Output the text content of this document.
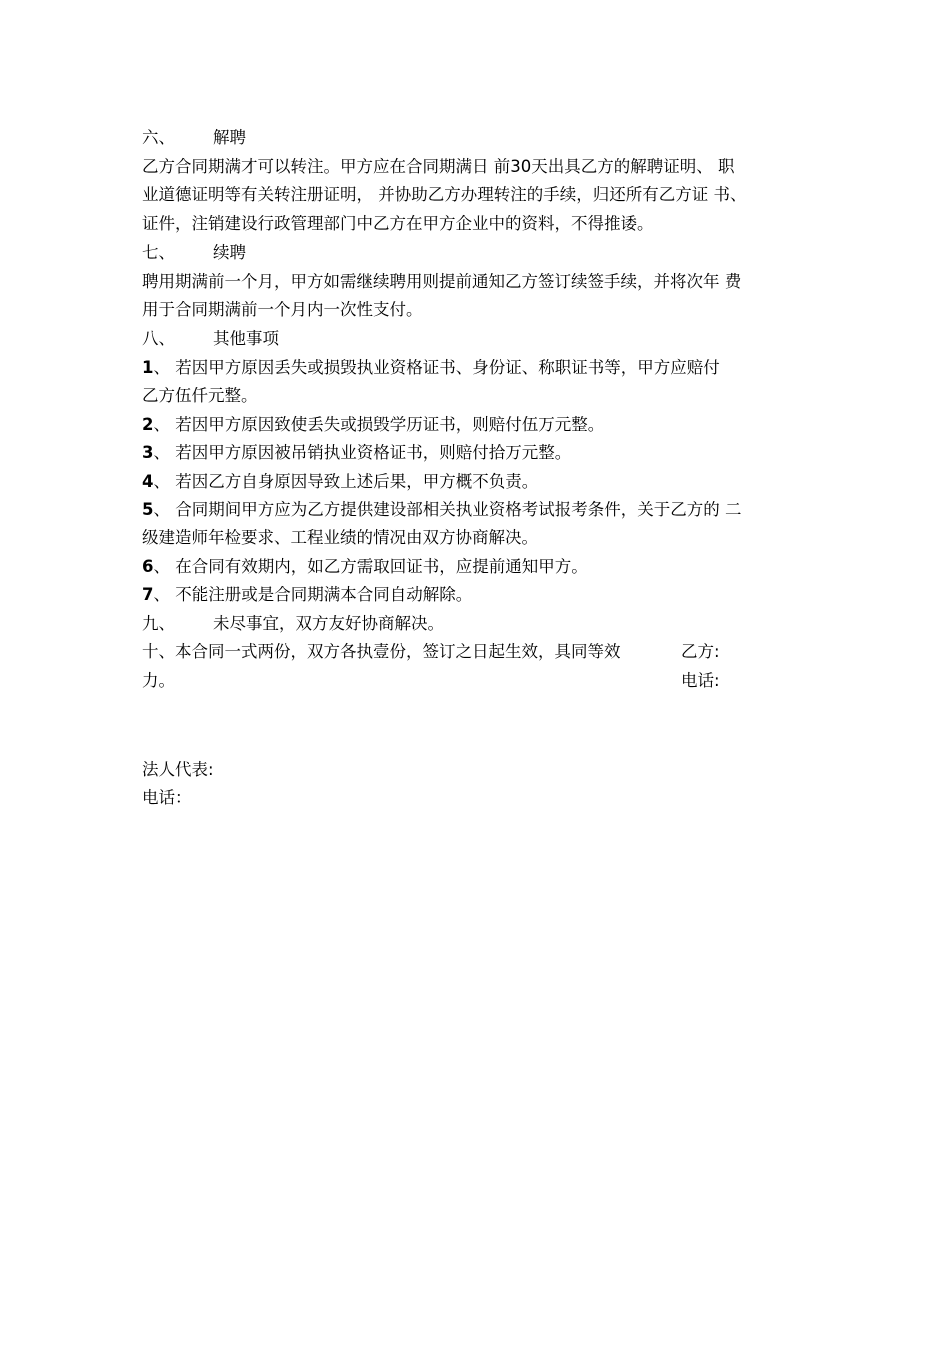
六、 解聘
乙方合同期满才可以转注。甲方应在合同期满日 前30天出具乙方的解聘证明、 职
业道德证明等有关转注册证明， 并协助乙方办理转注的手续，归还所有乙方证 书、
证件，注销建设行政管理部门中乙方在甲方企业中的资料，不得推诿。
七、 续聘
聘用期满前一个月，甲方如需继续聘用则提前通知乙方签订续签手续，并将次年 费
用于合同期满前一个月内一次性支付。
八、 其他事项
1、 若因甲方原因丢失或损毁执业资格证书、身份证、称职证书等，甲方应赔付
乙方伍仟元整。
2、 若因甲方原因致使丢失或损毁学历证书，则赔付伍万元整。
3、 若因甲方原因被吊销执业资格证书，则赔付拾万元整。
4、 若因乙方自身原因导致上述后果，甲方概不负责。
5、 合同期间甲方应为乙方提供建设部相关执业资格考试报考条件，关于乙方的 二
级建造师年检要求、工程业绩的情况由双方协商解决。
6、 在合同有效期内，如乙方需取回证书，应提前通知甲方。
7、 不能注册或是合同期满本合同自动解除。
九、 未尽事宜，双方友好协商解决。
十、本合同一式两份，双方各执壹份，签订之日起生效，具同等效
力。
乙方:
电话:
法人代表:
电话：
